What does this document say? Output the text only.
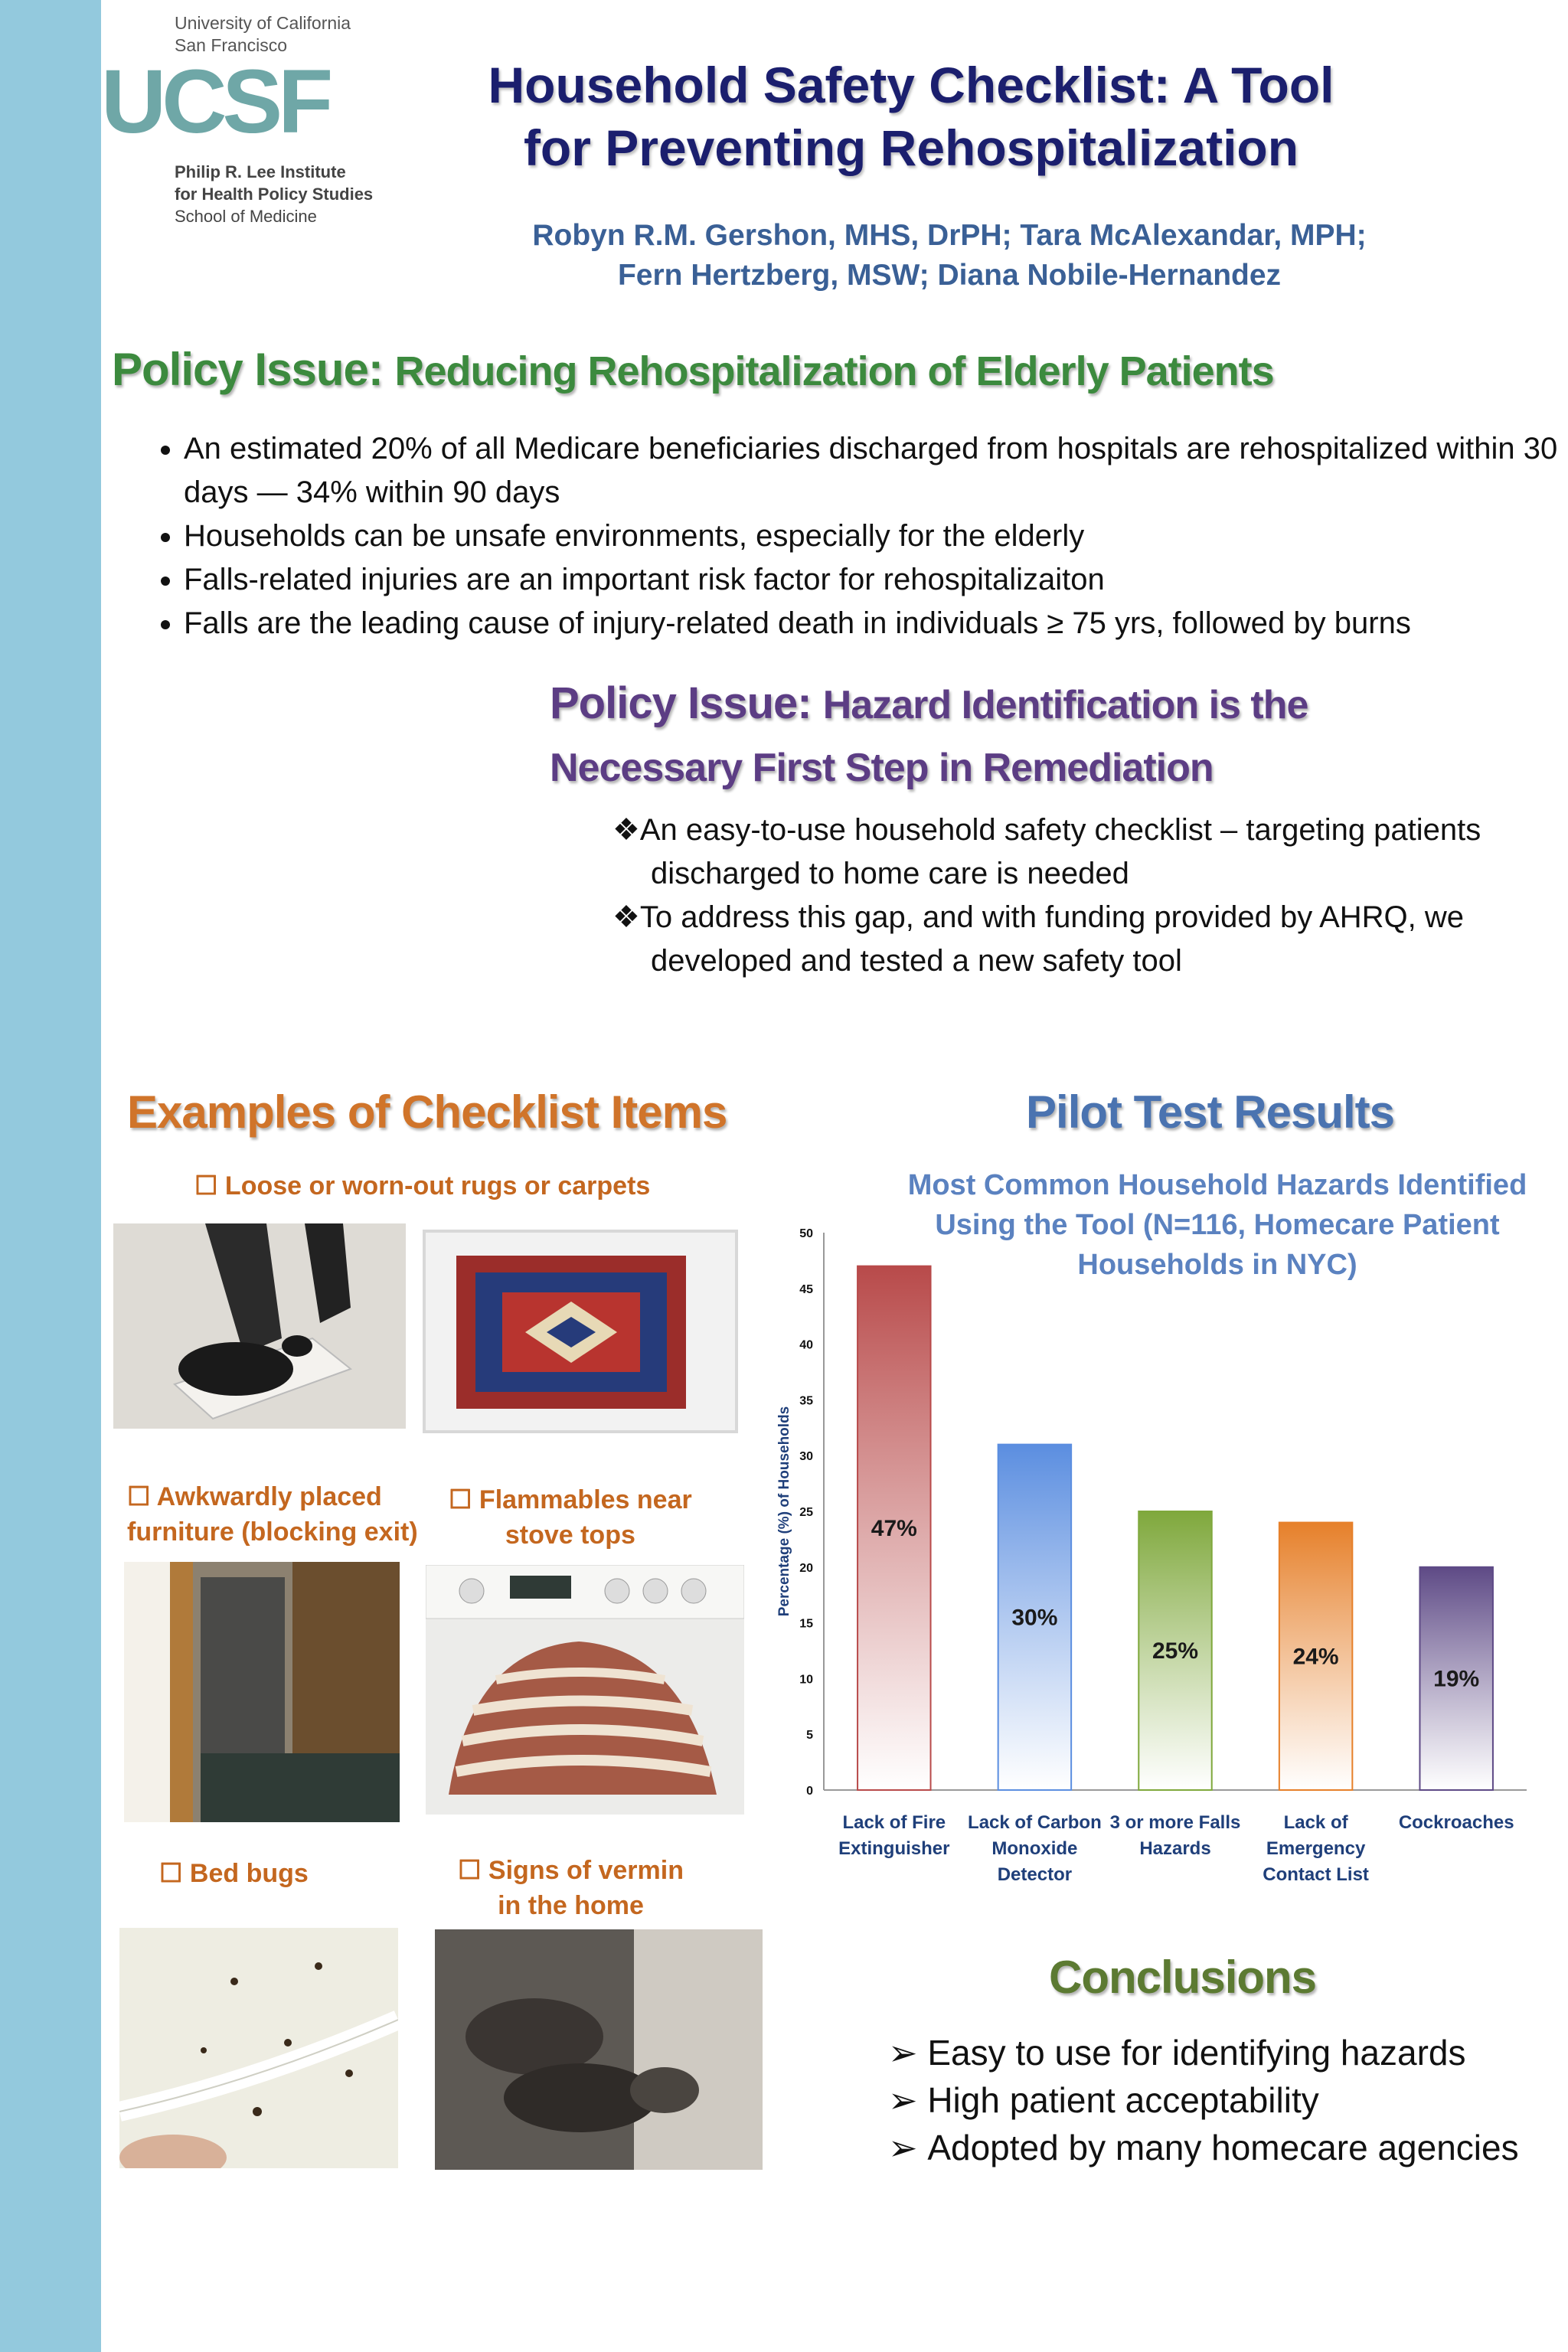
University of California
San Francisco
UCSF
Philip R. Lee Institute
for Health Policy Studies
School of Medicine
Household Safety Checklist: A Tool
for Preventing Rehospitalization
Robyn R.M. Gershon, MHS, DrPH; Tara McAlexandar, MPH;
Fern Hertzberg, MSW; Diana Nobile-Hernandez
Policy Issue: Reducing Rehospitalization of Elderly Patients
• An estimated 20% of all Medicare beneficiaries discharged from hospitals are rehospitalized within 30 days — 34% within 90 days
• Households can be unsafe environments, especially for the elderly
• Falls-related injuries are an important risk factor for rehospitalizaiton
• Falls are the leading cause of injury-related death in individuals ≥ 75 yrs, followed by burns
Policy Issue: Hazard Identification is the
Necessary First Step in Remediation
❖An easy-to-use household safety checklist – targeting patients discharged to home care is needed
❖To address this gap, and with funding provided by AHRQ, we developed and tested a new safety tool
Examples of Checklist Items	Pilot Test Results
☐ Loose or worn-out rugs or carpets
☐ Awkwardly placed
furniture (blocking exit)
☐ Flammables near
stove tops
☐ Bed bugs	☐ Signs of vermin
in the home
Most Common Household Hazards Identified
Using the Tool (N=116, Homecare Patient
Households in NYC)
0
5
10
15
20
25
30
35
40
45
50
Percentage (%) of Households	47%
Lack of Fire
Extinguisher
30%
Lack of Carbon
Monoxide
Detector
25%
3 or more Falls
Hazards
24%
Lack of
Emergency
Contact List
19%
Cockroaches
Conclusions
➢ Easy to use for identifying hazards
➢ High patient acceptability
➢ Adopted by many homecare agencies
